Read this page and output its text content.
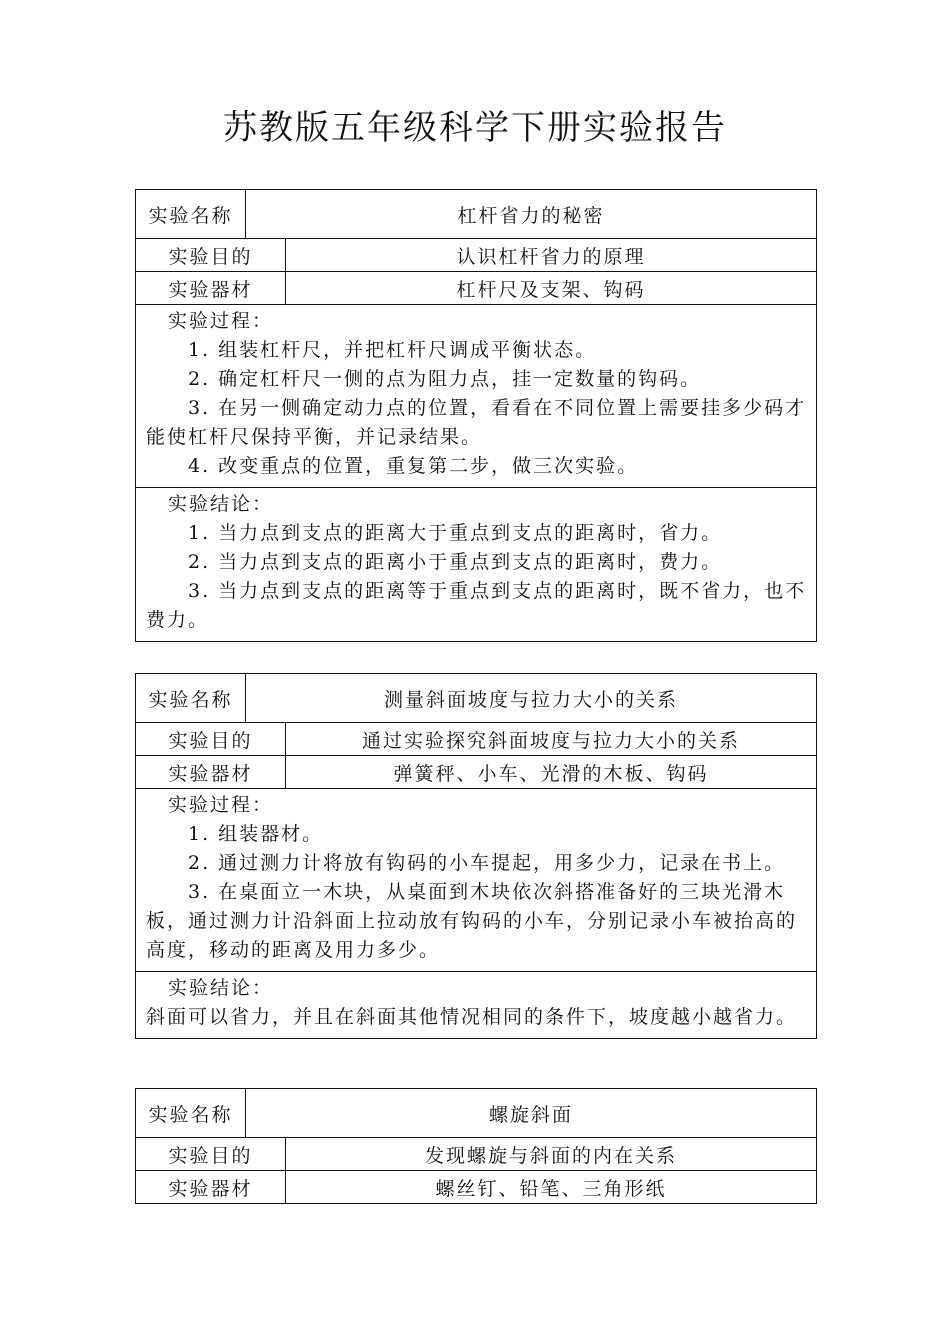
苏教版五年级科学下册实验报告
实验名称	杠杆省力的秘密	
实验目的		认识杠杆省力的原理
实验器材		杠杆尺及支架、钩码

实验过程：
1. 组装杠杆尺，并把杠杆尺调成平衡状态。
2. 确定杠杆尺一侧的点为阻力点，挂一定数量的钩码。
3. 在另一侧确定动力点的位置，看看在不同位置上需要挂多少码才能使杠杆尺保持平衡，并记录结果。
4. 改变重点的位置，重复第二步，做三次实验。		

实验结论：
1. 当力点到支点的距离大于重点到支点的距离时，省力。
2. 当力点到支点的距离小于重点到支点的距离时，费力。
3. 当力点到支点的距离等于重点到支点的距离时，既不省力，也不费力。		
实验名称	测量斜面坡度与拉力大小的关系	
实验目的		通过实验探究斜面坡度与拉力大小的关系
实验器材		弹簧秤、小车、光滑的木板、钩码

实验过程：
1. 组装器材。
2. 通过测力计将放有钩码的小车提起，用多少力，记录在书上。
3. 在桌面立一木块，从桌面到木块依次斜搭准备好的三块光滑木板，通过测力计沿斜面上拉动放有钩码的小车，分别记录小车被抬高的高度，移动的距离及用力多少。		

实验结论：
斜面可以省力，并且在斜面其他情况相同的条件下，坡度越小越省力。		
实验名称	螺旋斜面	
实验目的		发现螺旋与斜面的内在关系
实验器材		螺丝钉、铅笔、三角形纸
